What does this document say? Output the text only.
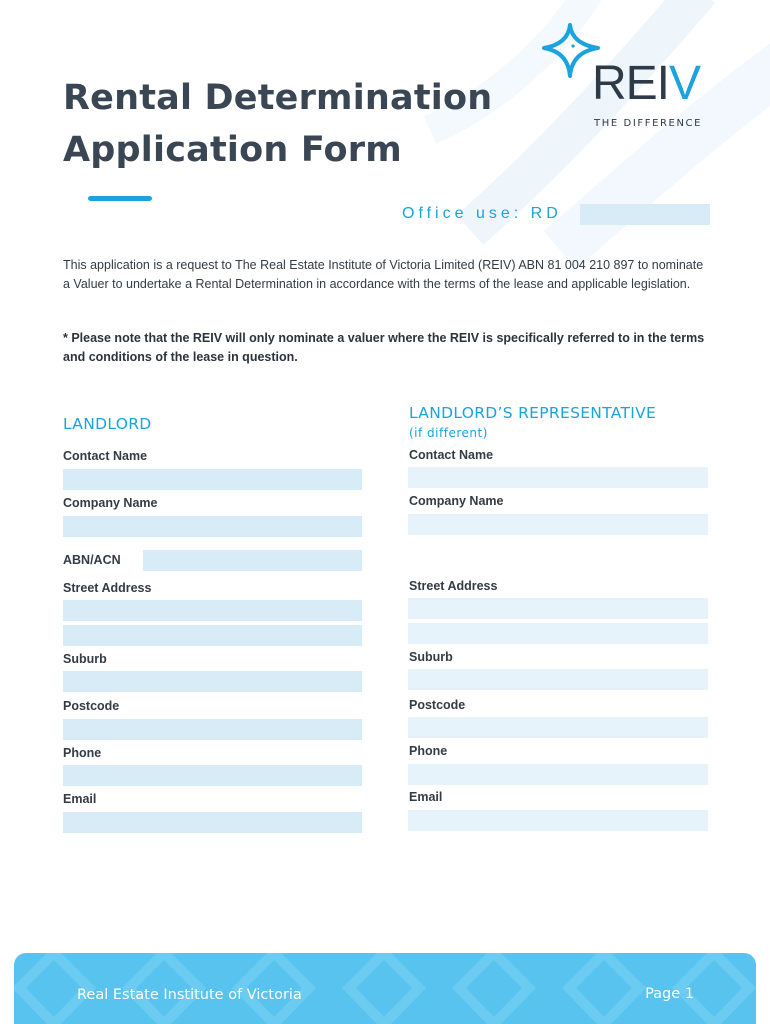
Rental Determination
Application Form
REIV
THE DIFFERENCE
Office use: RD

This application is a request to The Real Estate Institute of Victoria Limited (REIV) ABN 81 004 210 897 to nominate a Valuer to undertake a Rental Determination in accordance with the terms of the lease and applicable legislation.

* Please note that the REIV will only nominate a valuer where the REIV is specifically referred to in the terms and conditions of the lease in question.

LANDLORD
Contact Name
Company Name
ABN/ACN
Street Address
Suburb
Postcode
Phone
Email
LANDLORD’S REPRESENTATIVE
(if different)
Contact Name
Company Name
Street Address
Suburb
Postcode
Phone
Email
Real Estate Institute of Victoria	Page 1
